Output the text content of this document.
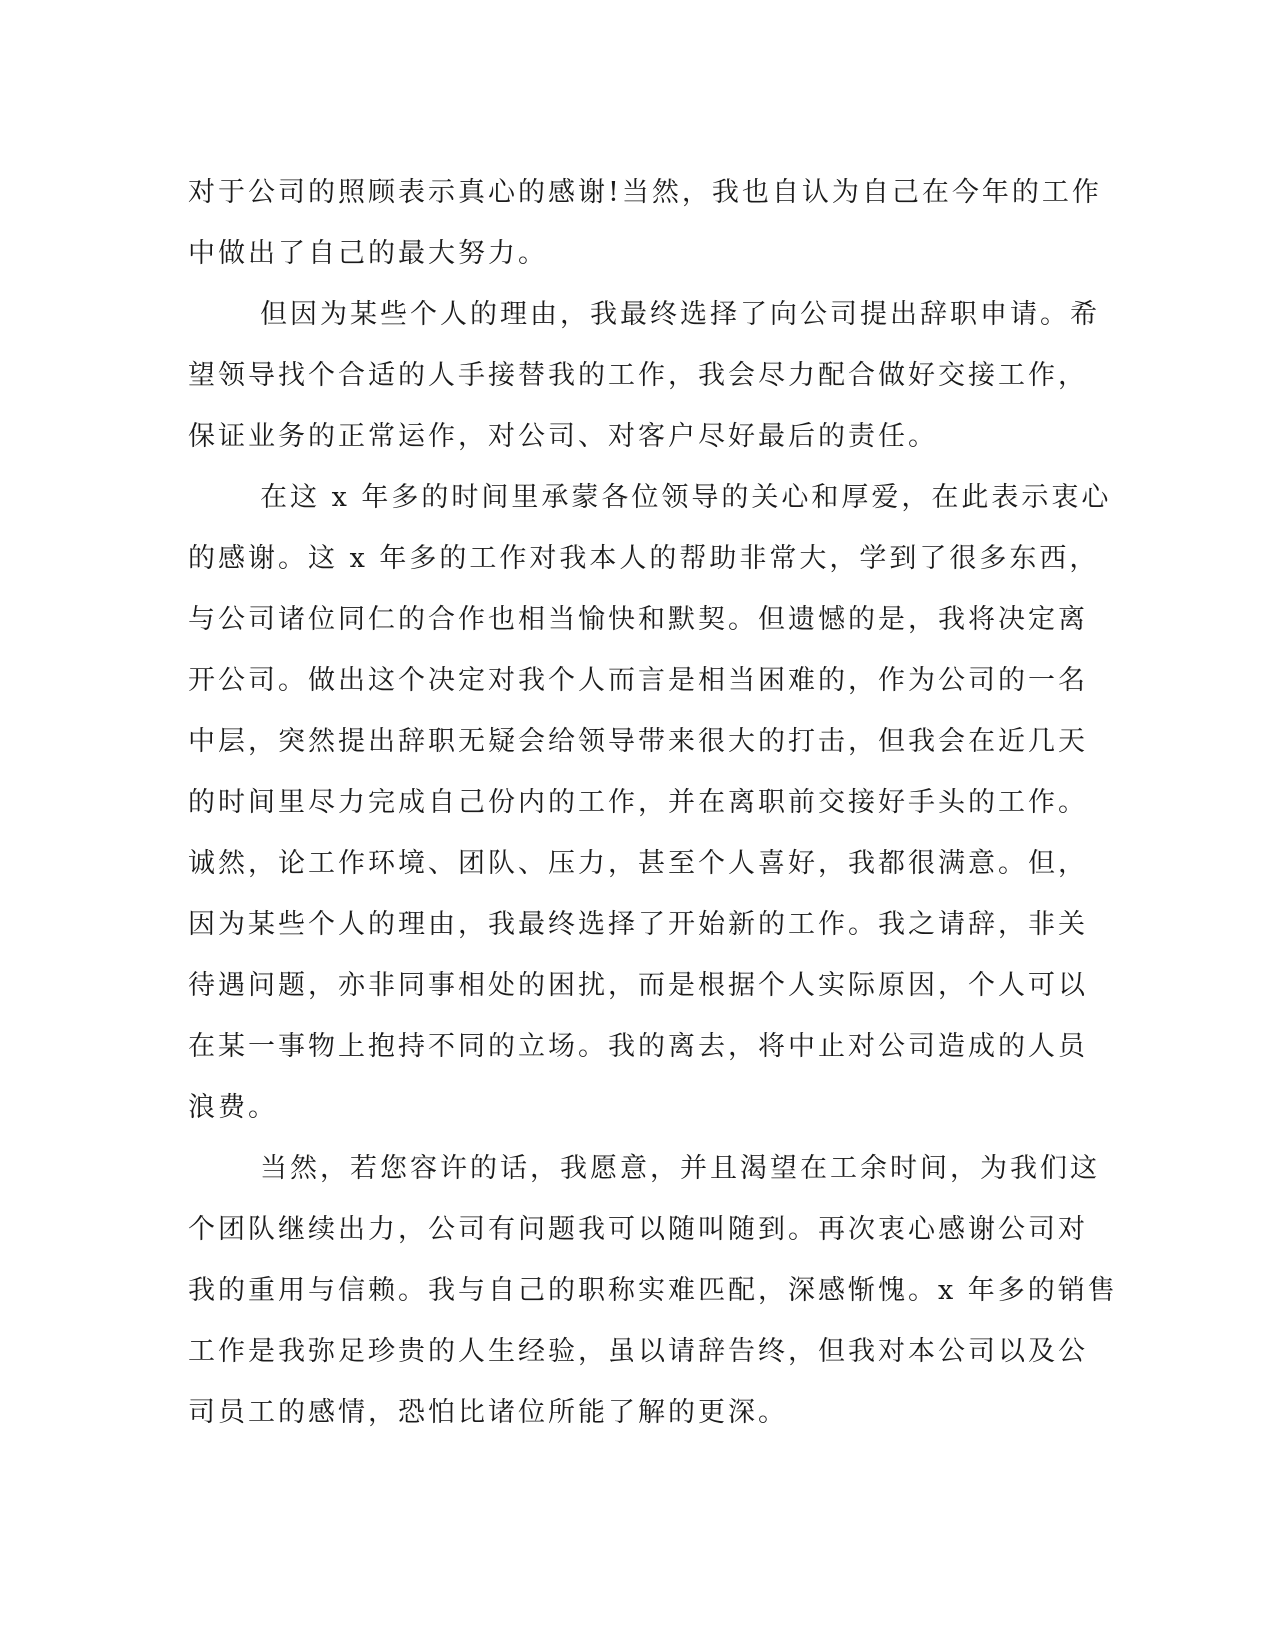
对于公司的照顾表示真心的感谢!当然，我也自认为自己在今年的工作
中做出了自己的最大努力。
但因为某些个人的理由，我最终选择了向公司提出辞职申请。希
望领导找个合适的人手接替我的工作，我会尽力配合做好交接工作，
保证业务的正常运作，对公司、对客户尽好最后的责任。
在这 x 年多的时间里承蒙各位领导的关心和厚爱，在此表示衷心
的感谢。这 x 年多的工作对我本人的帮助非常大，学到了很多东西，
与公司诸位同仁的合作也相当愉快和默契。但遗憾的是，我将决定离
开公司。做出这个决定对我个人而言是相当困难的，作为公司的一名
中层，突然提出辞职无疑会给领导带来很大的打击，但我会在近几天
的时间里尽力完成自己份内的工作，并在离职前交接好手头的工作。
诚然，论工作环境、团队、压力，甚至个人喜好，我都很满意。但，
因为某些个人的理由，我最终选择了开始新的工作。我之请辞，非关
待遇问题，亦非同事相处的困扰，而是根据个人实际原因，个人可以
在某一事物上抱持不同的立场。我的离去，将中止对公司造成的人员
浪费。
当然，若您容许的话，我愿意，并且渴望在工余时间，为我们这
个团队继续出力，公司有问题我可以随叫随到。再次衷心感谢公司对
我的重用与信赖。我与自己的职称实难匹配，深感惭愧。x 年多的销售
工作是我弥足珍贵的人生经验，虽以请辞告终，但我对本公司以及公
司员工的感情，恐怕比诸位所能了解的更深。
